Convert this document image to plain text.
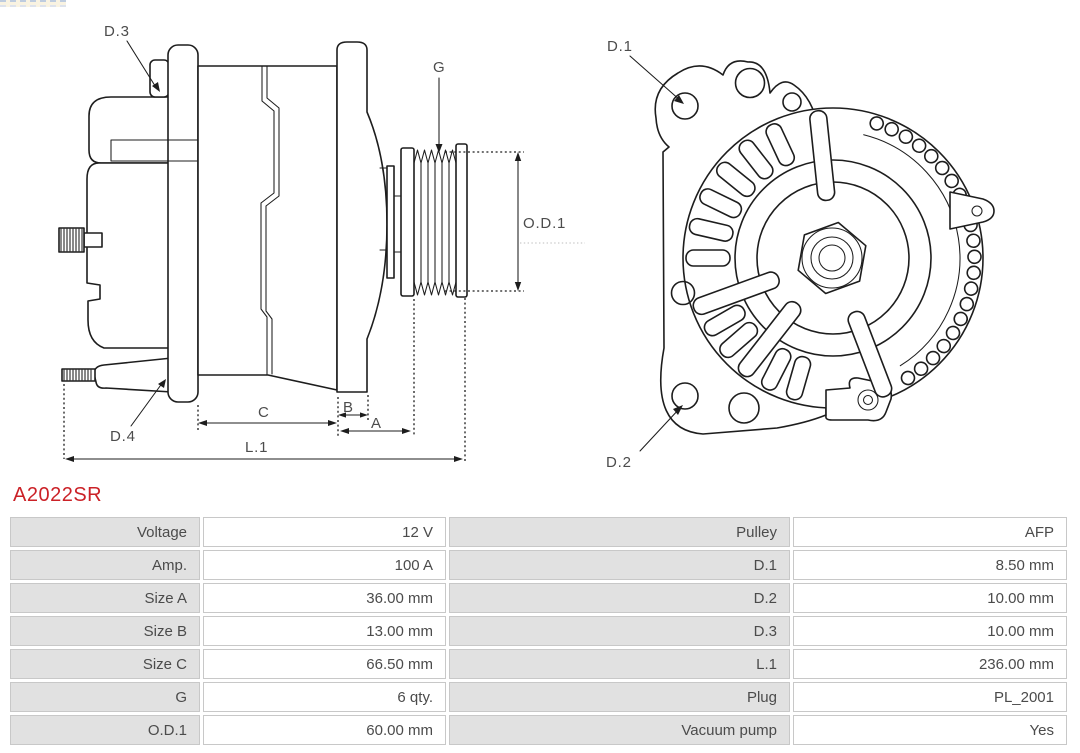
D.3
G
O.D.1
D.4
C	B
A
L.1
D.1
D.2
A2022SR
Voltage	12 V	Pulley	AFP
Amp.	100 A	D.1	8.50 mm
Size A	36.00 mm	D.2	10.00 mm
Size B	13.00 mm	D.3	10.00 mm
Size C	66.50 mm	L.1	236.00 mm
G	6 qty.	Plug	PL_2001
O.D.1	60.00 mm	Vacuum pump	Yes
